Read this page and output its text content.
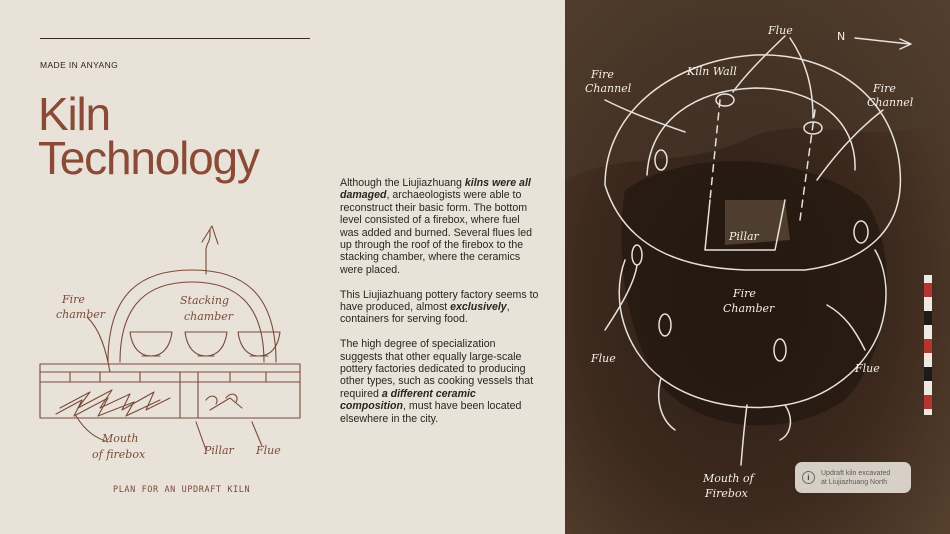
MADE IN ANYANG
Kiln
Technology
Fire
chamber
Stacking
chamber
Mouth
of firebox	Pillar Flue
PLAN FOR AN UPDRAFT KILN

Although the Liujiazhuang kilns were all damaged, archaeologists were able to reconstruct their basic form. The bottom level consisted of a firebox, where fuel was added and burned. Several flues led up through the roof of the firebox to the stacking chamber, where the ceramics were placed.

This Liujiazhuang pottery factory seems to have produced, almost exclusively, containers for serving food.

The high degree of specialization suggests that other equally large-scale pottery factories dedicated to producing other types, such as cooking vessels that required a different ceramic composition, must have been located elsewhere in the city.

N
Flue
Kiln Wall
Fire
Channel	Fire
Channel
Pillar
Fire
Chamber
Flue
Flue
Mouth of
Firebox
i
Updraft kiln excavated
at Liujiazhuang North
